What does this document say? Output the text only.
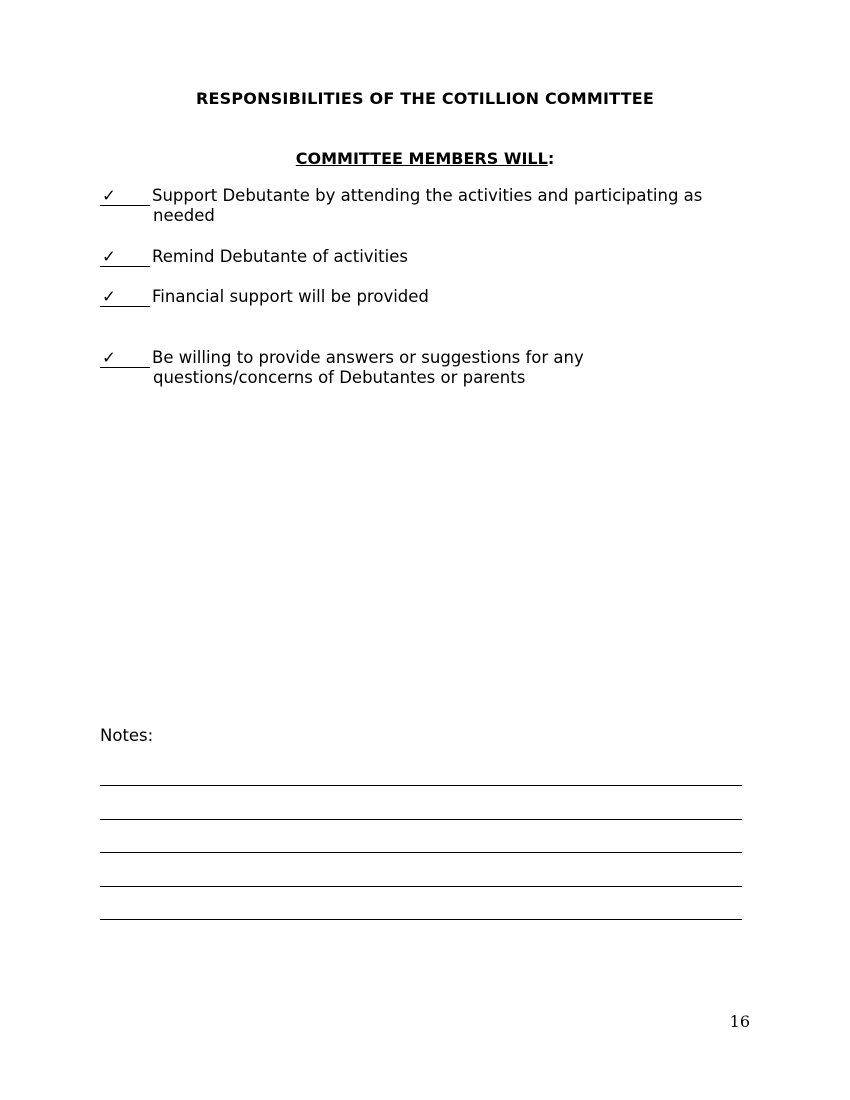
RESPONSIBILITIES OF THE COTILLION COMMITTEE
COMMITTEE MEMBERS WILL:
✓	Support Debutante by attending the activities and participating as
needed
✓	Remind Debutante of activities
✓	Financial support will be provided
✓	Be willing to provide answers or suggestions for any
questions/concerns of Debutantes or parents
Notes:
16
